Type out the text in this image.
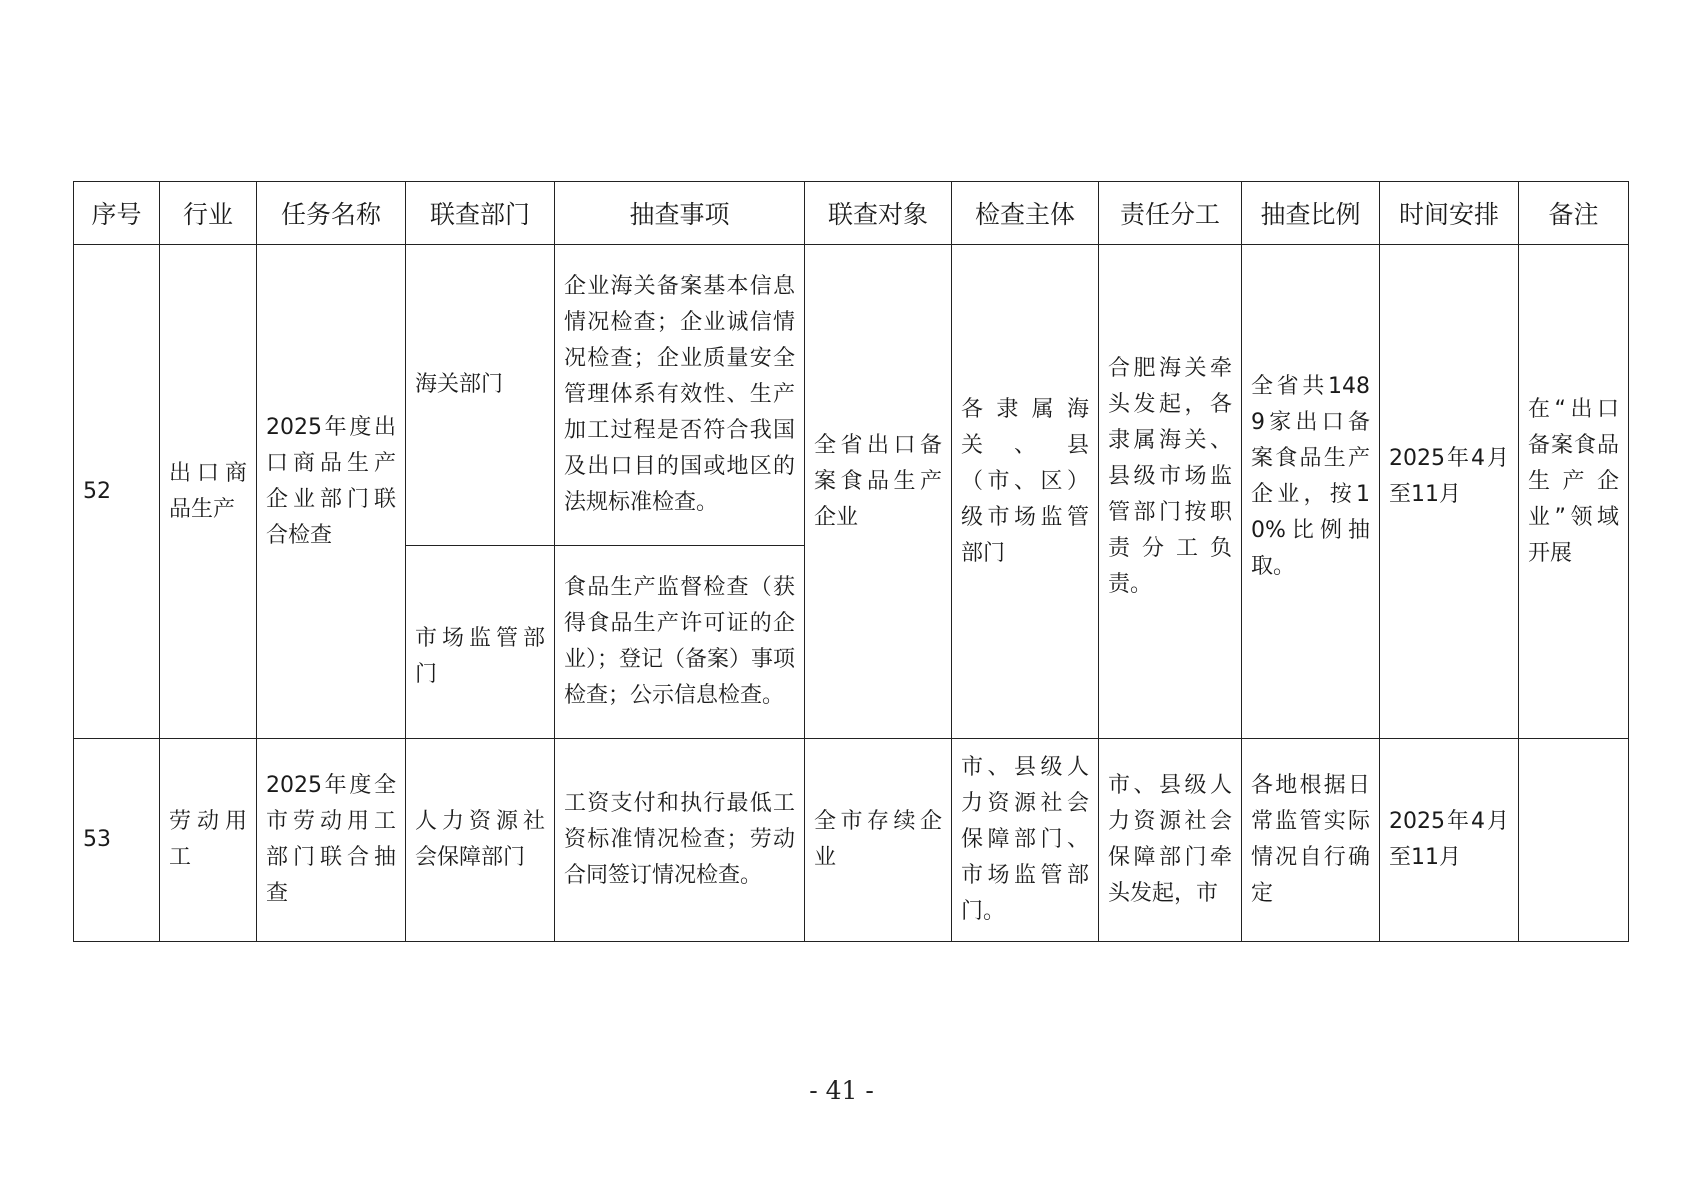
序号	行业	任务名称	联查部门	抽查事项	联查对象	检查主体	责任分工	抽查比例	时间安排	备注
52	出口商品生产	2025年度出口商品生产企业部门联合检查	海关部门	企业海关备案基本信息情况检查；企业诚信情况检查；企业质量安全管理体系有效性、生产加工过程是否符合我国及出口目的国或地区的法规标准检查。	全省出口备案食品生产企业	各隶属海关、县（市、区）级市场监管部门	合肥海关牵头发起，各隶属海关、县级市场监管部门按职责分工负责。	全省共1489家出口备案食品生产企业，按10%比例抽取。	2025年4月至11月	在“出口备案食品生产企业”领域开展
			市场监管部门	食品生产监督检查（获得食品生产许可证的企业）；登记（备案）事项检查；公示信息检查。						
53	劳动用工	2025年度全市劳动用工部门联合抽查	人力资源社会保障部门	工资支付和执行最低工资标准情况检查；劳动合同签订情况检查。	全市存续企业	市、县级人力资源社会保障部门、市场监管部门。	市、县级人力资源社会保障部门牵头发起，市	各地根据日常监管实际情况自行确定	2025年4月至11月	
- 41 -
